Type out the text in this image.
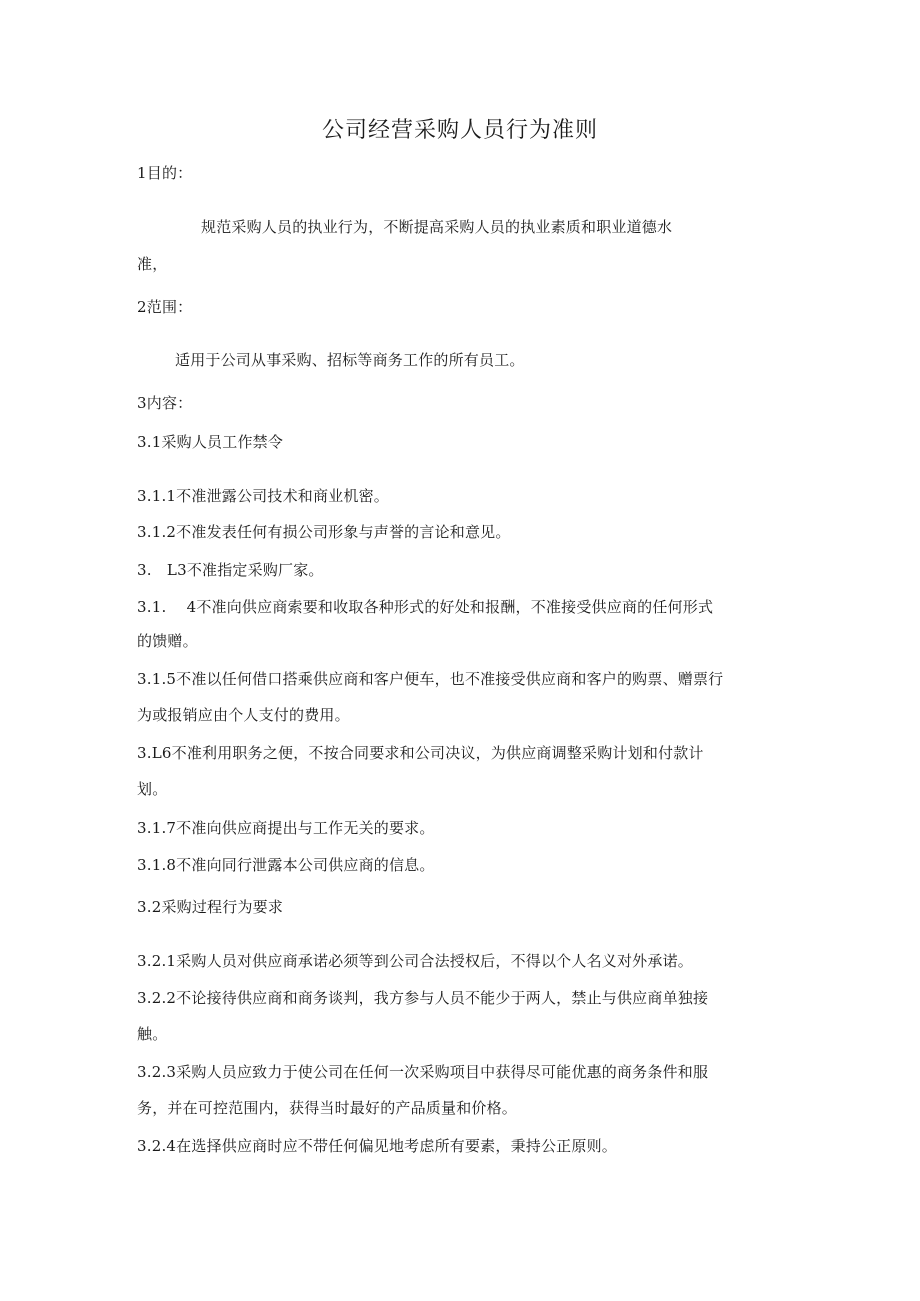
公司经营采购人员行为准则
1目的：
规范采购人员的执业行为，不断提高采购人员的执业素质和职业道德水
准，
2范围：
适用于公司从事采购、招标等商务工作的所有员工。
3内容：
3.1采购人员工作禁令
3.1.1不准泄露公司技术和商业机密。
3.1.2不准发表任何有损公司形象与声誉的言论和意见。
3.　L3不准指定采购厂家。
3.1.　 4不准向供应商索要和收取各种形式的好处和报酬，不准接受供应商的任何形式
的馈赠。
3.1.5不准以任何借口搭乘供应商和客户便车，也不准接受供应商和客户的购票、赠票行
为或报销应由个人支付的费用。
3.L6不准利用职务之便，不按合同要求和公司决议，为供应商调整采购计划和付款计
划。
3.1.7不准向供应商提出与工作无关的要求。
3.1.8不准向同行泄露本公司供应商的信息。
3.2采购过程行为要求
3.2.1采购人员对供应商承诺必须等到公司合法授权后，不得以个人名义对外承诺。
3.2.2不论接待供应商和商务谈判，我方参与人员不能少于两人，禁止与供应商单独接
触。
3.2.3采购人员应致力于使公司在任何一次采购项目中获得尽可能优惠的商务条件和服
务，并在可控范围内，获得当时最好的产品质量和价格。
3.2.4在选择供应商时应不带任何偏见地考虑所有要素，秉持公正原则。
